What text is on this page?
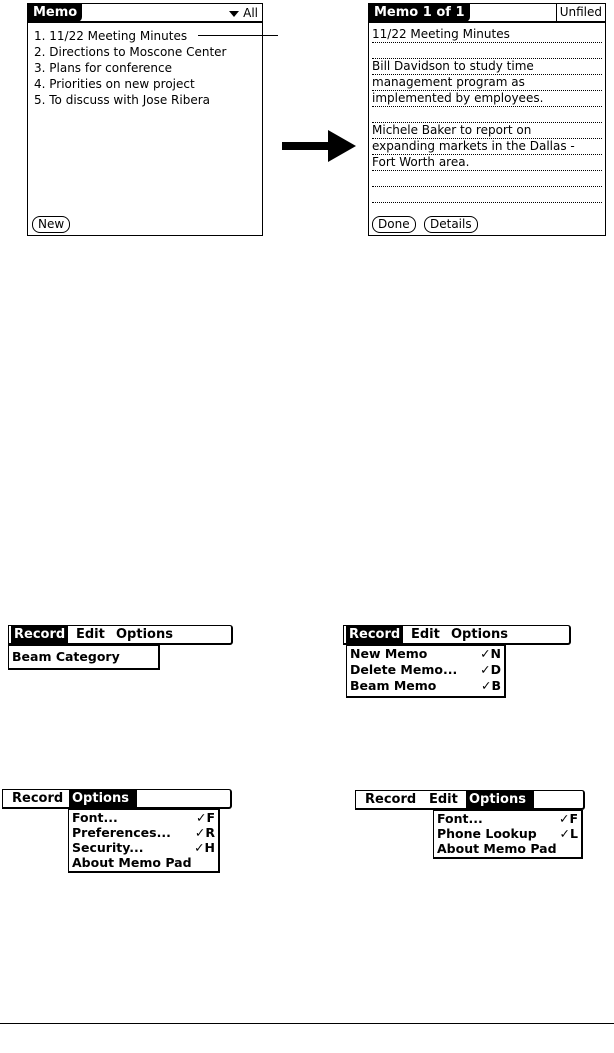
Memo	All
1. 11/22 Meeting Minutes
2. Directions to Moscone Center
3. Plans for conference
4. Priorities on new project
5. To discuss with Jose Ribera
New
Memo 1 of 1	Unfiled
11/22 Meeting Minutes
Bill Davidson to study time
management program as
implemented by employees.
Michele Baker to report on
expanding markets in the Dallas -
Fort Worth area.
Done	Details
Record Edit Options
Beam Category
Record Edit Options
New Memo	✓N
Delete Memo... ✓D
Beam Memo	✓B
Record Options
Font...	✓F
Preferences... ✓R
Security...	✓H
About Memo Pad
Record Edit Options
Font...	✓F
Phone Lookup ✓L
About Memo Pad
